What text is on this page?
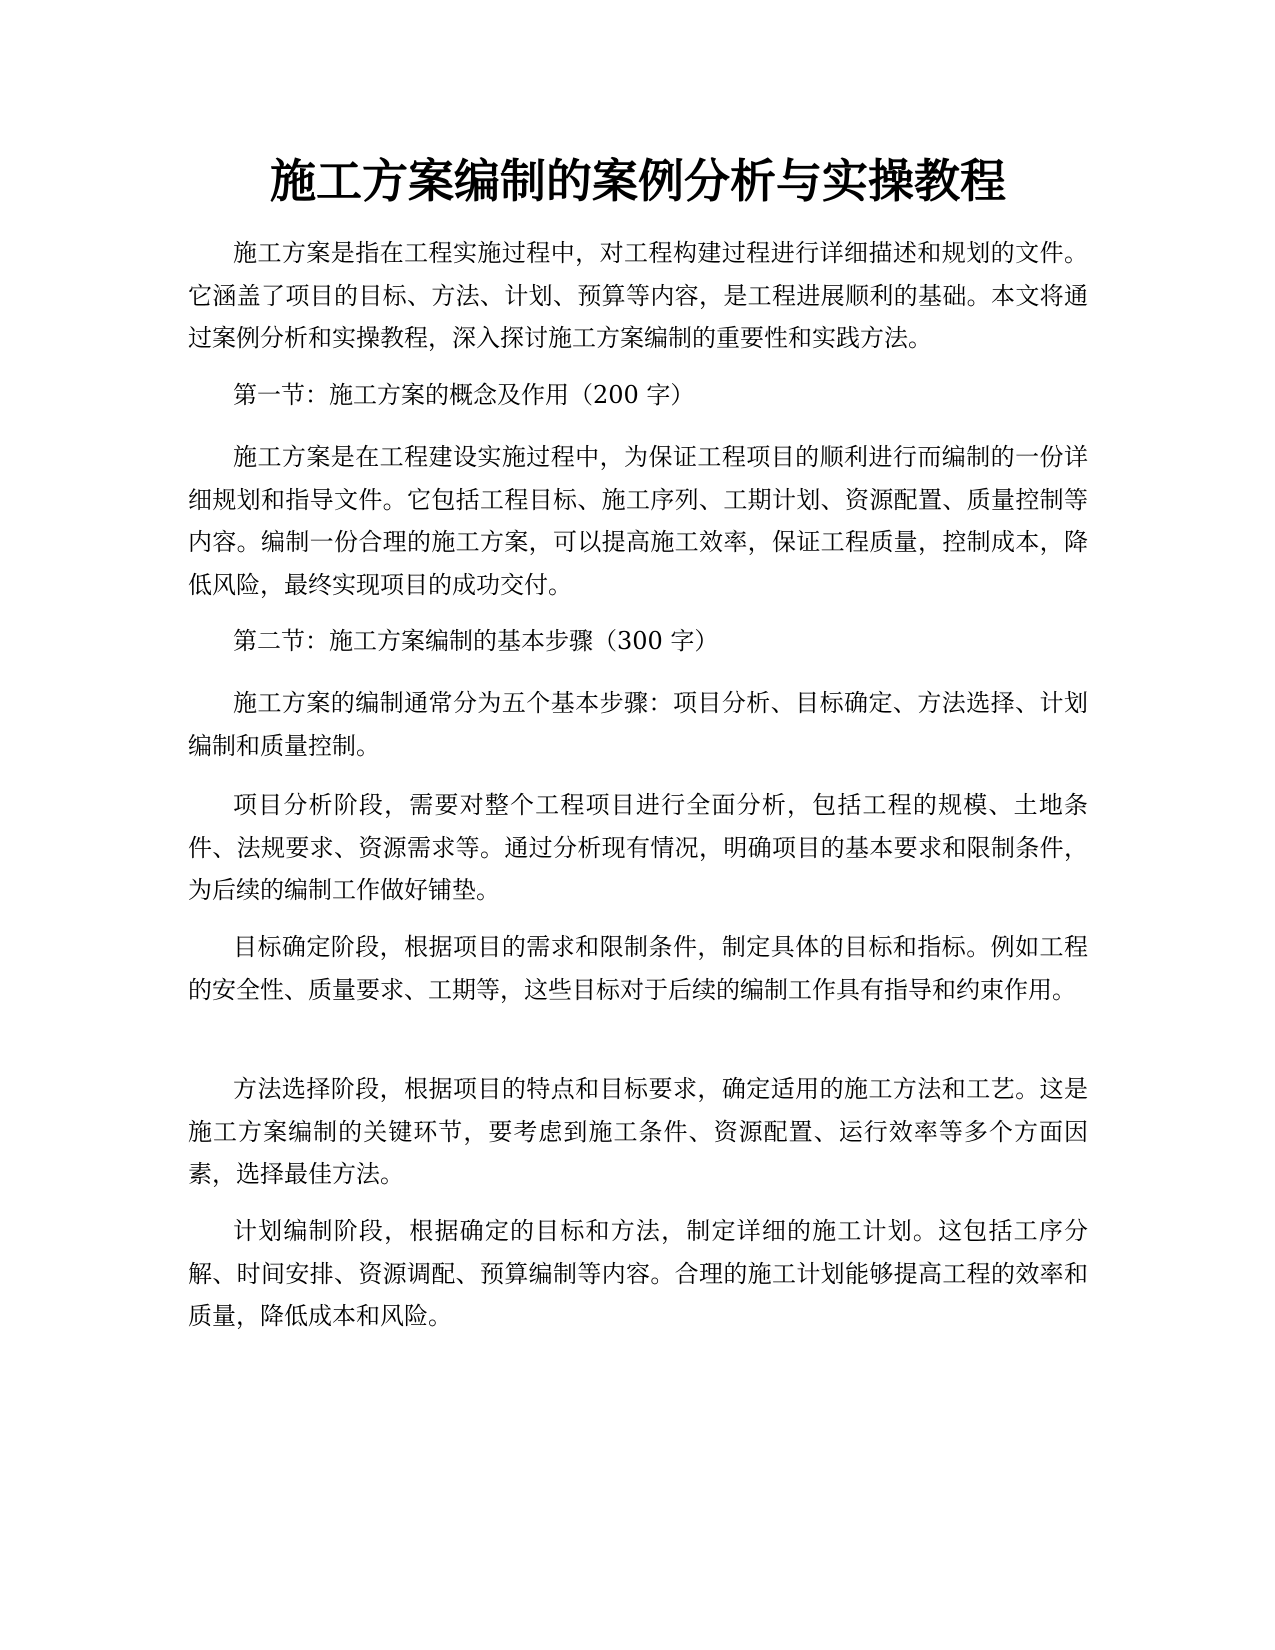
施工方案编制的案例分析与实操教程

施工方案是指在工程实施过程中，对工程构建过程进行详细描述和规划的文件。它涵盖了项目的目标、方法、计划、预算等内容，是工程进展顺利的基础。本文将通过案例分析和实操教程，深入探讨施工方案编制的重要性和实践方法。

第一节：施工方案的概念及作用（200 字）

施工方案是在工程建设实施过程中，为保证工程项目的顺利进行而编制的一份详细规划和指导文件。它包括工程目标、施工序列、工期计划、资源配置、质量控制等内容。编制一份合理的施工方案，可以提高施工效率，保证工程质量，控制成本，降低风险，最终实现项目的成功交付。

第二节：施工方案编制的基本步骤（300 字）

施工方案的编制通常分为五个基本步骤：项目分析、目标确定、方法选择、计划编制和质量控制。

项目分析阶段，需要对整个工程项目进行全面分析，包括工程的规模、土地条件、法规要求、资源需求等。通过分析现有情况，明确项目的基本要求和限制条件，为后续的编制工作做好铺垫。

目标确定阶段，根据项目的需求和限制条件，制定具体的目标和指标。例如工程的安全性、质量要求、工期等，这些目标对于后续的编制工作具有指导和约束作用。

方法选择阶段，根据项目的特点和目标要求，确定适用的施工方法和工艺。这是施工方案编制的关键环节，要考虑到施工条件、资源配置、运行效率等多个方面因素，选择最佳方法。

计划编制阶段，根据确定的目标和方法，制定详细的施工计划。这包括工序分解、时间安排、资源调配、预算编制等内容。合理的施工计划能够提高工程的效率和质量，降低成本和风险。
